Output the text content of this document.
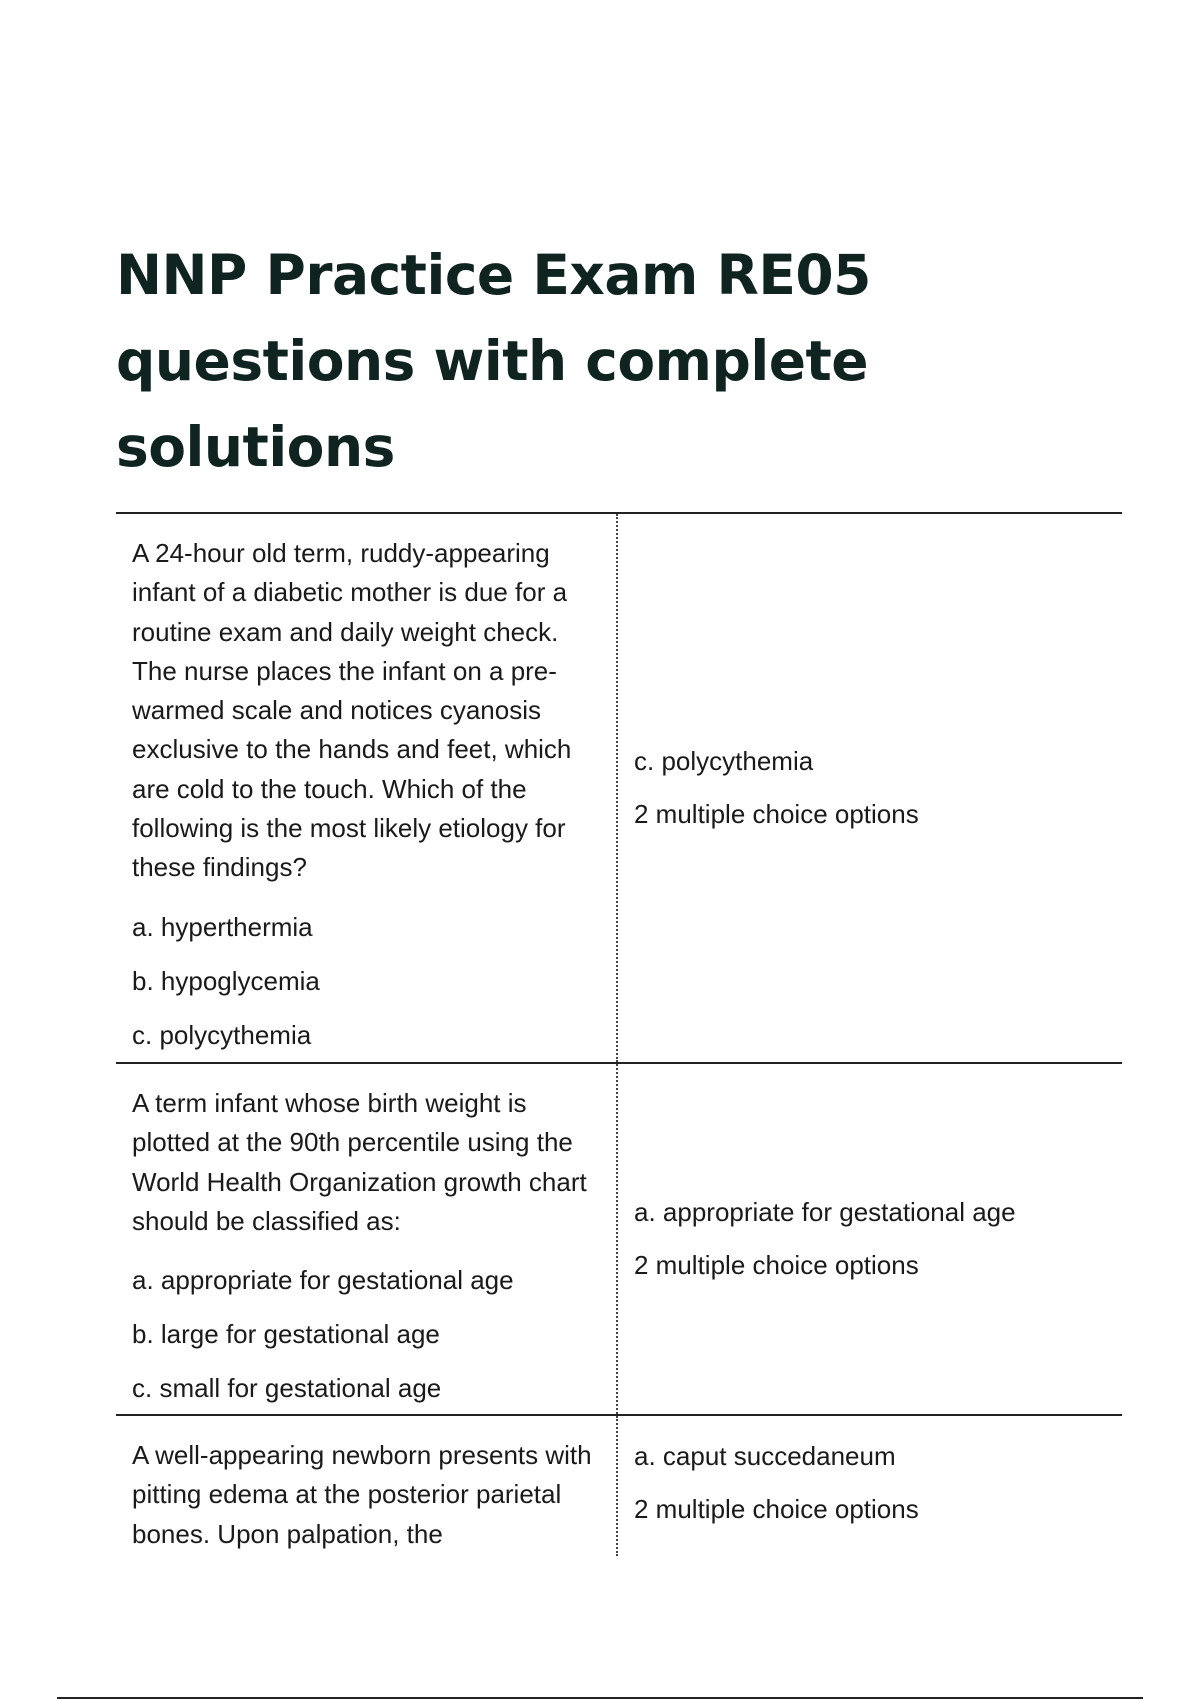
NNP Practice Exam RE05 questions with complete solutions

A 24-hour old term, ruddy-appearing infant of a diabetic mother is due for a routine exam and daily weight check. The nurse places the infant on a pre-warmed scale and notices cyanosis exclusive to the hands and feet, which are cold to the touch. Which of the following is the most likely etiology for these findings?

a. hyperthermia

b. hypoglycemia

c. polycythemia

c. polycythemia

2 multiple choice options

A term infant whose birth weight is plotted at the 90th percentile using the World Health Organization growth chart should be classified as:

a. appropriate for gestational age

b. large for gestational age

c. small for gestational age

a. appropriate for gestational age

2 multiple choice options

A well-appearing newborn presents with pitting edema at the posterior parietal bones. Upon palpation, the

a. caput succedaneum

2 multiple choice options
